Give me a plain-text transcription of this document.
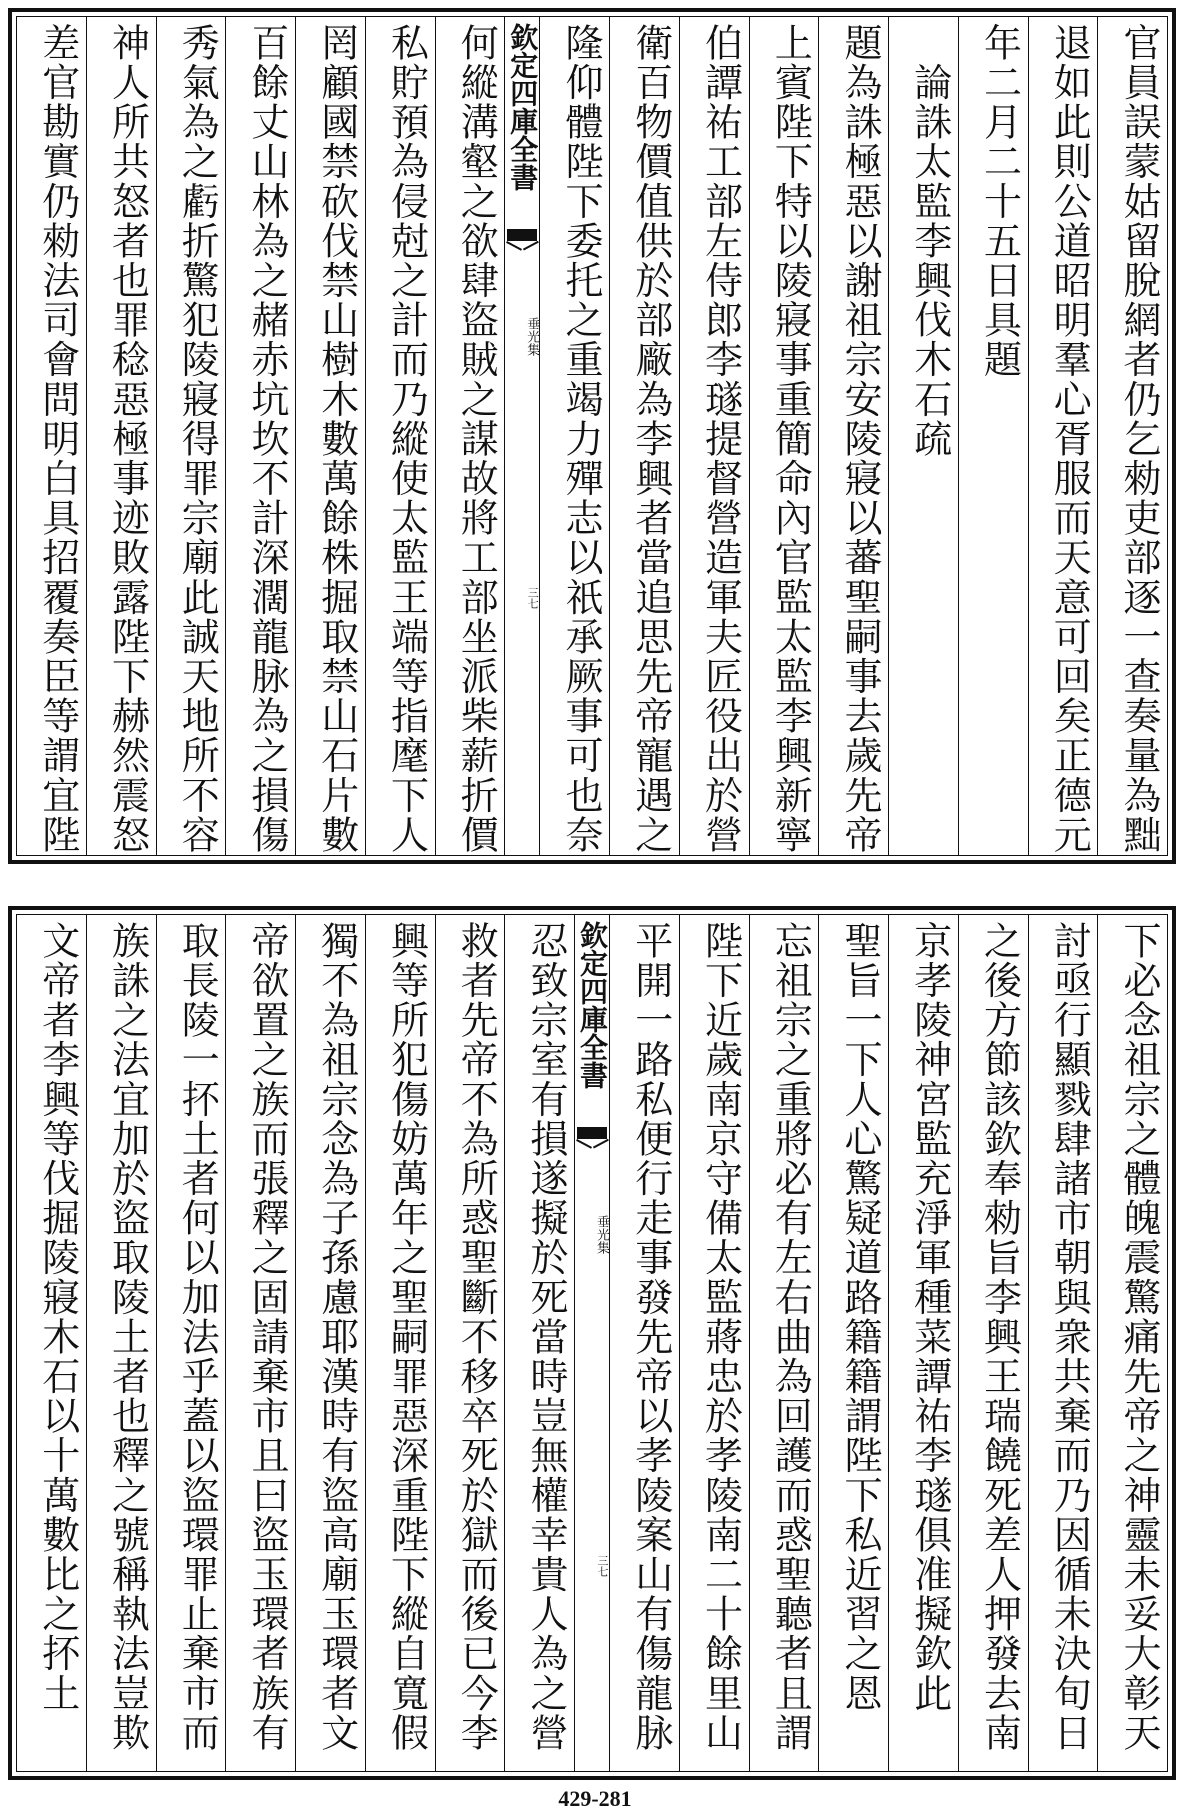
官員誤蒙姑留脫網者仍乞勑吏部逐一查奏量為黜
退如此則公道昭明羣心胥服而天意可回矣正德元
年二月二十五日具題
　論誅太監李興伐木石疏
題為誅極惡以謝祖宗安陵寢以蕃聖嗣事去歲先帝
上賓陛下特以陵寢事重簡命內官監太監李興新寧
伯譚祐工部左侍郎李璲提督營造軍夫匠役出於營
衛百物價值供於部廠為李興者當追思先帝寵遇之
隆仰體陛下委托之重竭力殫志以祇承厥事可也奈
欽定四庫全書
垂光集
三七
何縱溝壑之欲肆盜賊之謀故將工部坐派柴薪折價
私貯預為侵尅之計而乃縱使太監王端等指麾下人
罔顧國禁砍伐禁山樹木數萬餘株掘取禁山石片數
百餘丈山林為之赭赤坑坎不計深濶龍脉為之損傷
秀氣為之虧折驚犯陵寢得罪宗廟此誠天地所不容
神人所共怒者也罪稔惡極事迹敗露陛下赫然震怒
差官勘實仍勑法司會問明白具招覆奏臣等謂宜陛
下必念祖宗之體魄震驚痛先帝之神靈未妥大彰天
討亟行顯戮肆諸市朝與衆共棄而乃因循未決旬日
之後方節該欽奉勑旨李興王瑞饒死差人押發去南
京孝陵神宮監充淨軍種菜譚祐李璲俱准擬欽此
聖旨一下人心驚疑道路籍籍謂陛下私近習之恩
忘祖宗之重將必有左右曲為回護而惑聖聽者且謂
陛下近歲南京守備太監蔣忠於孝陵南二十餘里山
平開一路私便行走事發先帝以孝陵案山有傷龍脉
欽定四庫全書
垂光集
三七
忍致宗室有損遂擬於死當時豈無權幸貴人為之營
救者先帝不為所惑聖斷不移卒死於獄而後已今李
興等所犯傷妨萬年之聖嗣罪惡深重陛下縱自寬假
獨不為祖宗念為子孫慮耶漢時有盜高廟玉環者文
帝欲置之族而張釋之固請棄市且曰盜玉環者族有
取長陵一抔土者何以加法乎蓋以盜環罪止棄市而
族誅之法宜加於盜取陵土者也釋之號稱執法豈欺
文帝者李興等伐掘陵寢木石以十萬數比之抔土
429-281
